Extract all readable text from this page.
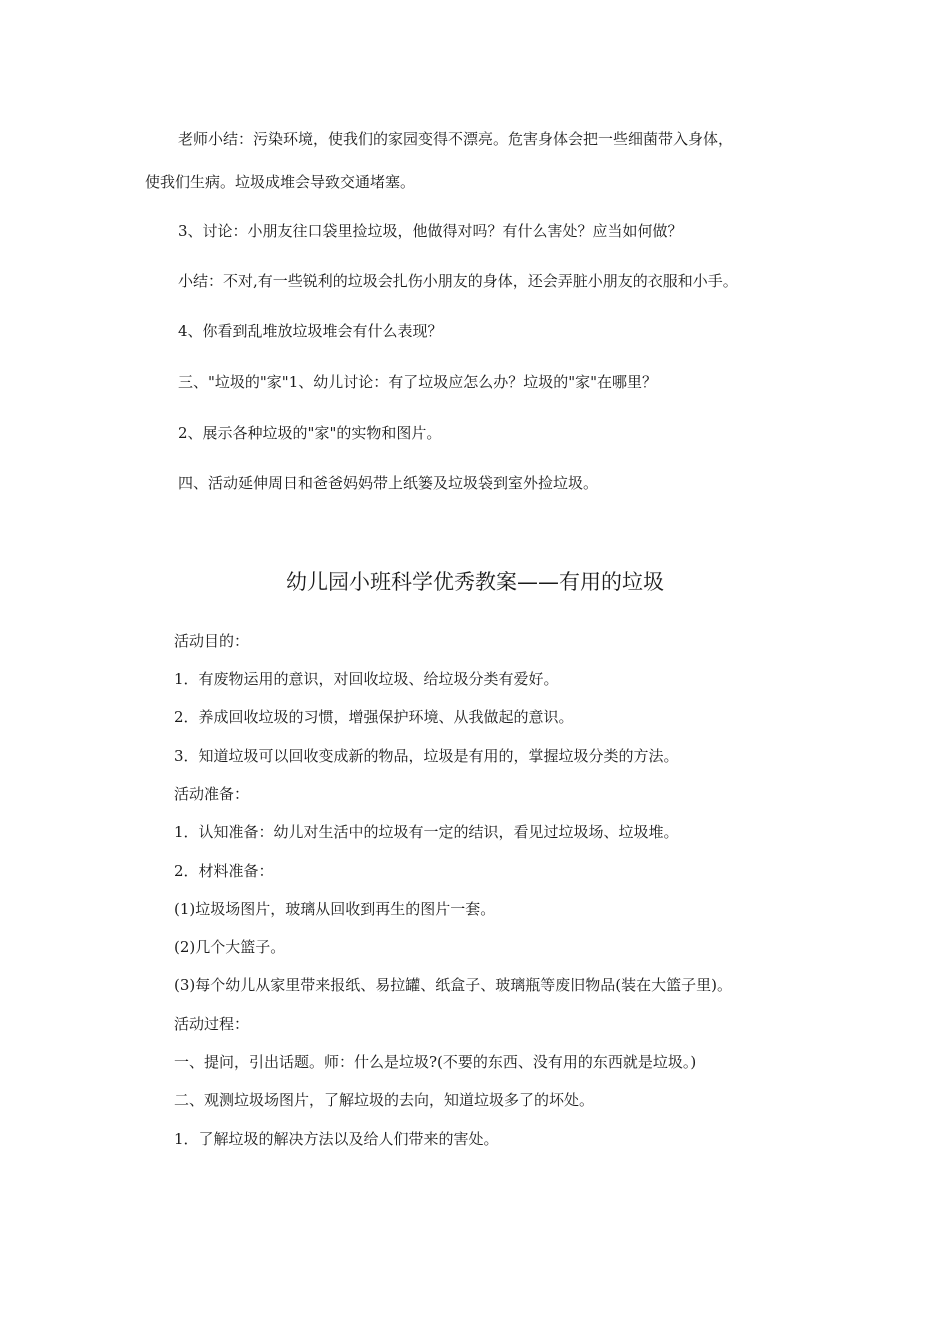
老师小结：污染环境，使我们的家园变得不漂亮。危害身体会把一些细菌带入身体，
使我们生病。垃圾成堆会导致交通堵塞。
3、讨论：小朋友往口袋里捡垃圾，他做得对吗？有什么害处？应当如何做？
小结：不对,有一些锐利的垃圾会扎伤小朋友的身体，还会弄脏小朋友的衣服和小手。
4、你看到乱堆放垃圾堆会有什么表现？
三、"垃圾的"家"1、幼儿讨论：有了垃圾应怎么办？垃圾的"家"在哪里？
2、展示各种垃圾的"家"的实物和图片。
四、活动延伸周日和爸爸妈妈带上纸篓及垃圾袋到室外捡垃圾。
幼儿园小班科学优秀教案——有用的垃圾
活动目的：
1．有废物运用的意识，对回收垃圾、给垃圾分类有爱好。
2．养成回收垃圾的习惯，增强保护环境、从我做起的意识。
3．知道垃圾可以回收变成新的物品，垃圾是有用的，掌握垃圾分类的方法。
活动准备：
1．认知准备：幼儿对生活中的垃圾有一定的结识，看见过垃圾场、垃圾堆。
2．材料准备：
(1)垃圾场图片，玻璃从回收到再生的图片一套。
(2)几个大篮子。
(3)每个幼儿从家里带来报纸、易拉罐、纸盒子、玻璃瓶等废旧物品(装在大篮子里)。
活动过程：
一、提问，引出话题。师：什么是垃圾?(不要的东西、没有用的东西就是垃圾。)
二、观测垃圾场图片，了解垃圾的去向，知道垃圾多了的坏处。
1．了解垃圾的解决方法以及给人们带来的害处。
